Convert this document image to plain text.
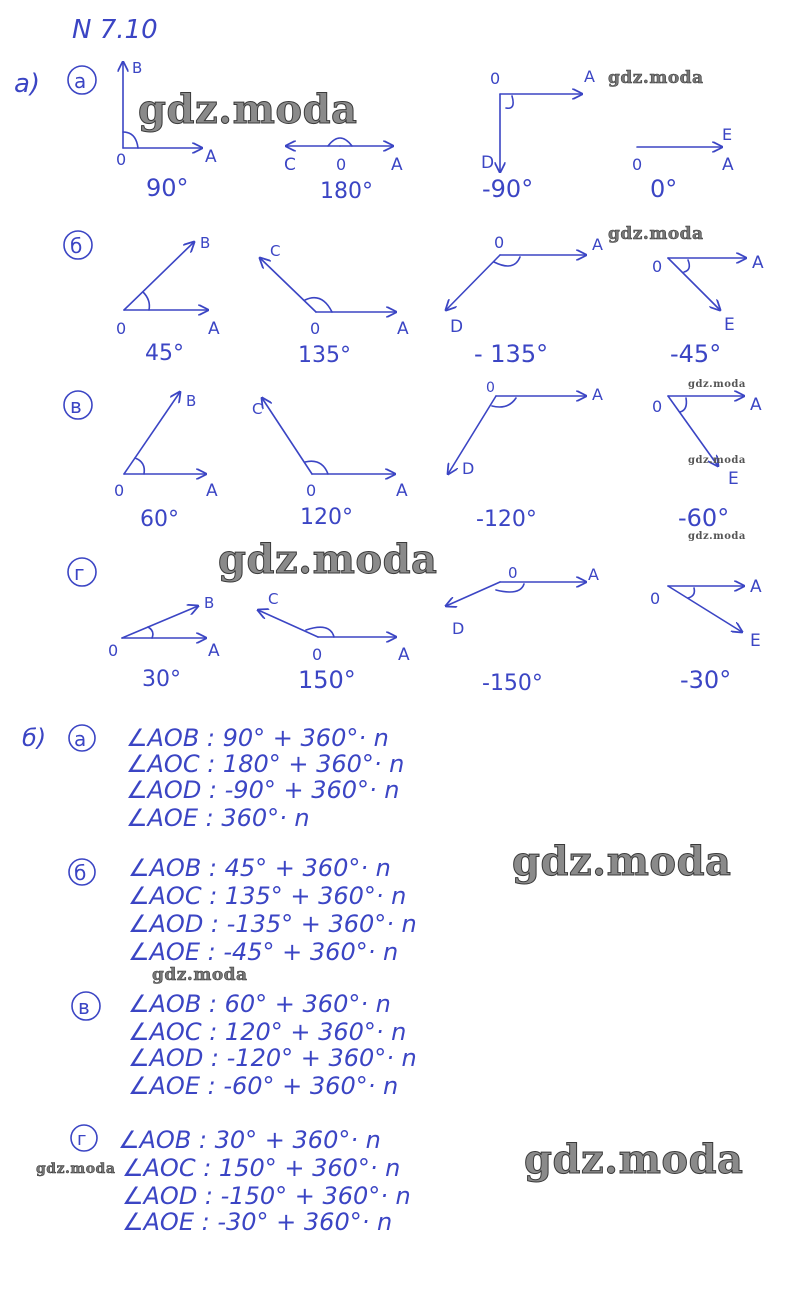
N 7.10
а) а
б
в
г
0	A
B
90°
C	0	A
180°
0	A
D
-90°
0
E
A
0°
0	A
B
45°
0	A
C
135°
0	A
D
- 135°
0	A
E
-45°
0	A
B
60°
0	A
C
120°
0	A
D
-120°
0	A
E
-60°
0	A
B
30°
0	A
C
150°
0	A
D
-150°
0
A
E
-30°
б) а ∠AOB : 90° + 360°· n
∠AOC : 180° + 360°· n
∠AOD : -90° + 360°· n
∠AOE : 360°· n
б ∠AOB : 45° + 360°· n
∠AOC : 135° + 360°· n
∠AOD : -135° + 360°· n
∠AOE : -45° + 360°· n
в ∠AOB : 60° + 360°· n
∠AOC : 120° + 360°· n
∠AOD : -120° + 360°· n
∠AOE : -60° + 360°· n
г ∠AOB : 30° + 360°· n
∠AOC : 150° + 360°· n
∠AOD : -150° + 360°· n
∠AOE : -30° + 360°· n
gdz.moda
gdz.moda
gdz.moda
gdz.moda
gdz.moda
gdz.moda
gdz.moda
gdz.moda
gdz.moda
gdz.moda	gdz.moda
